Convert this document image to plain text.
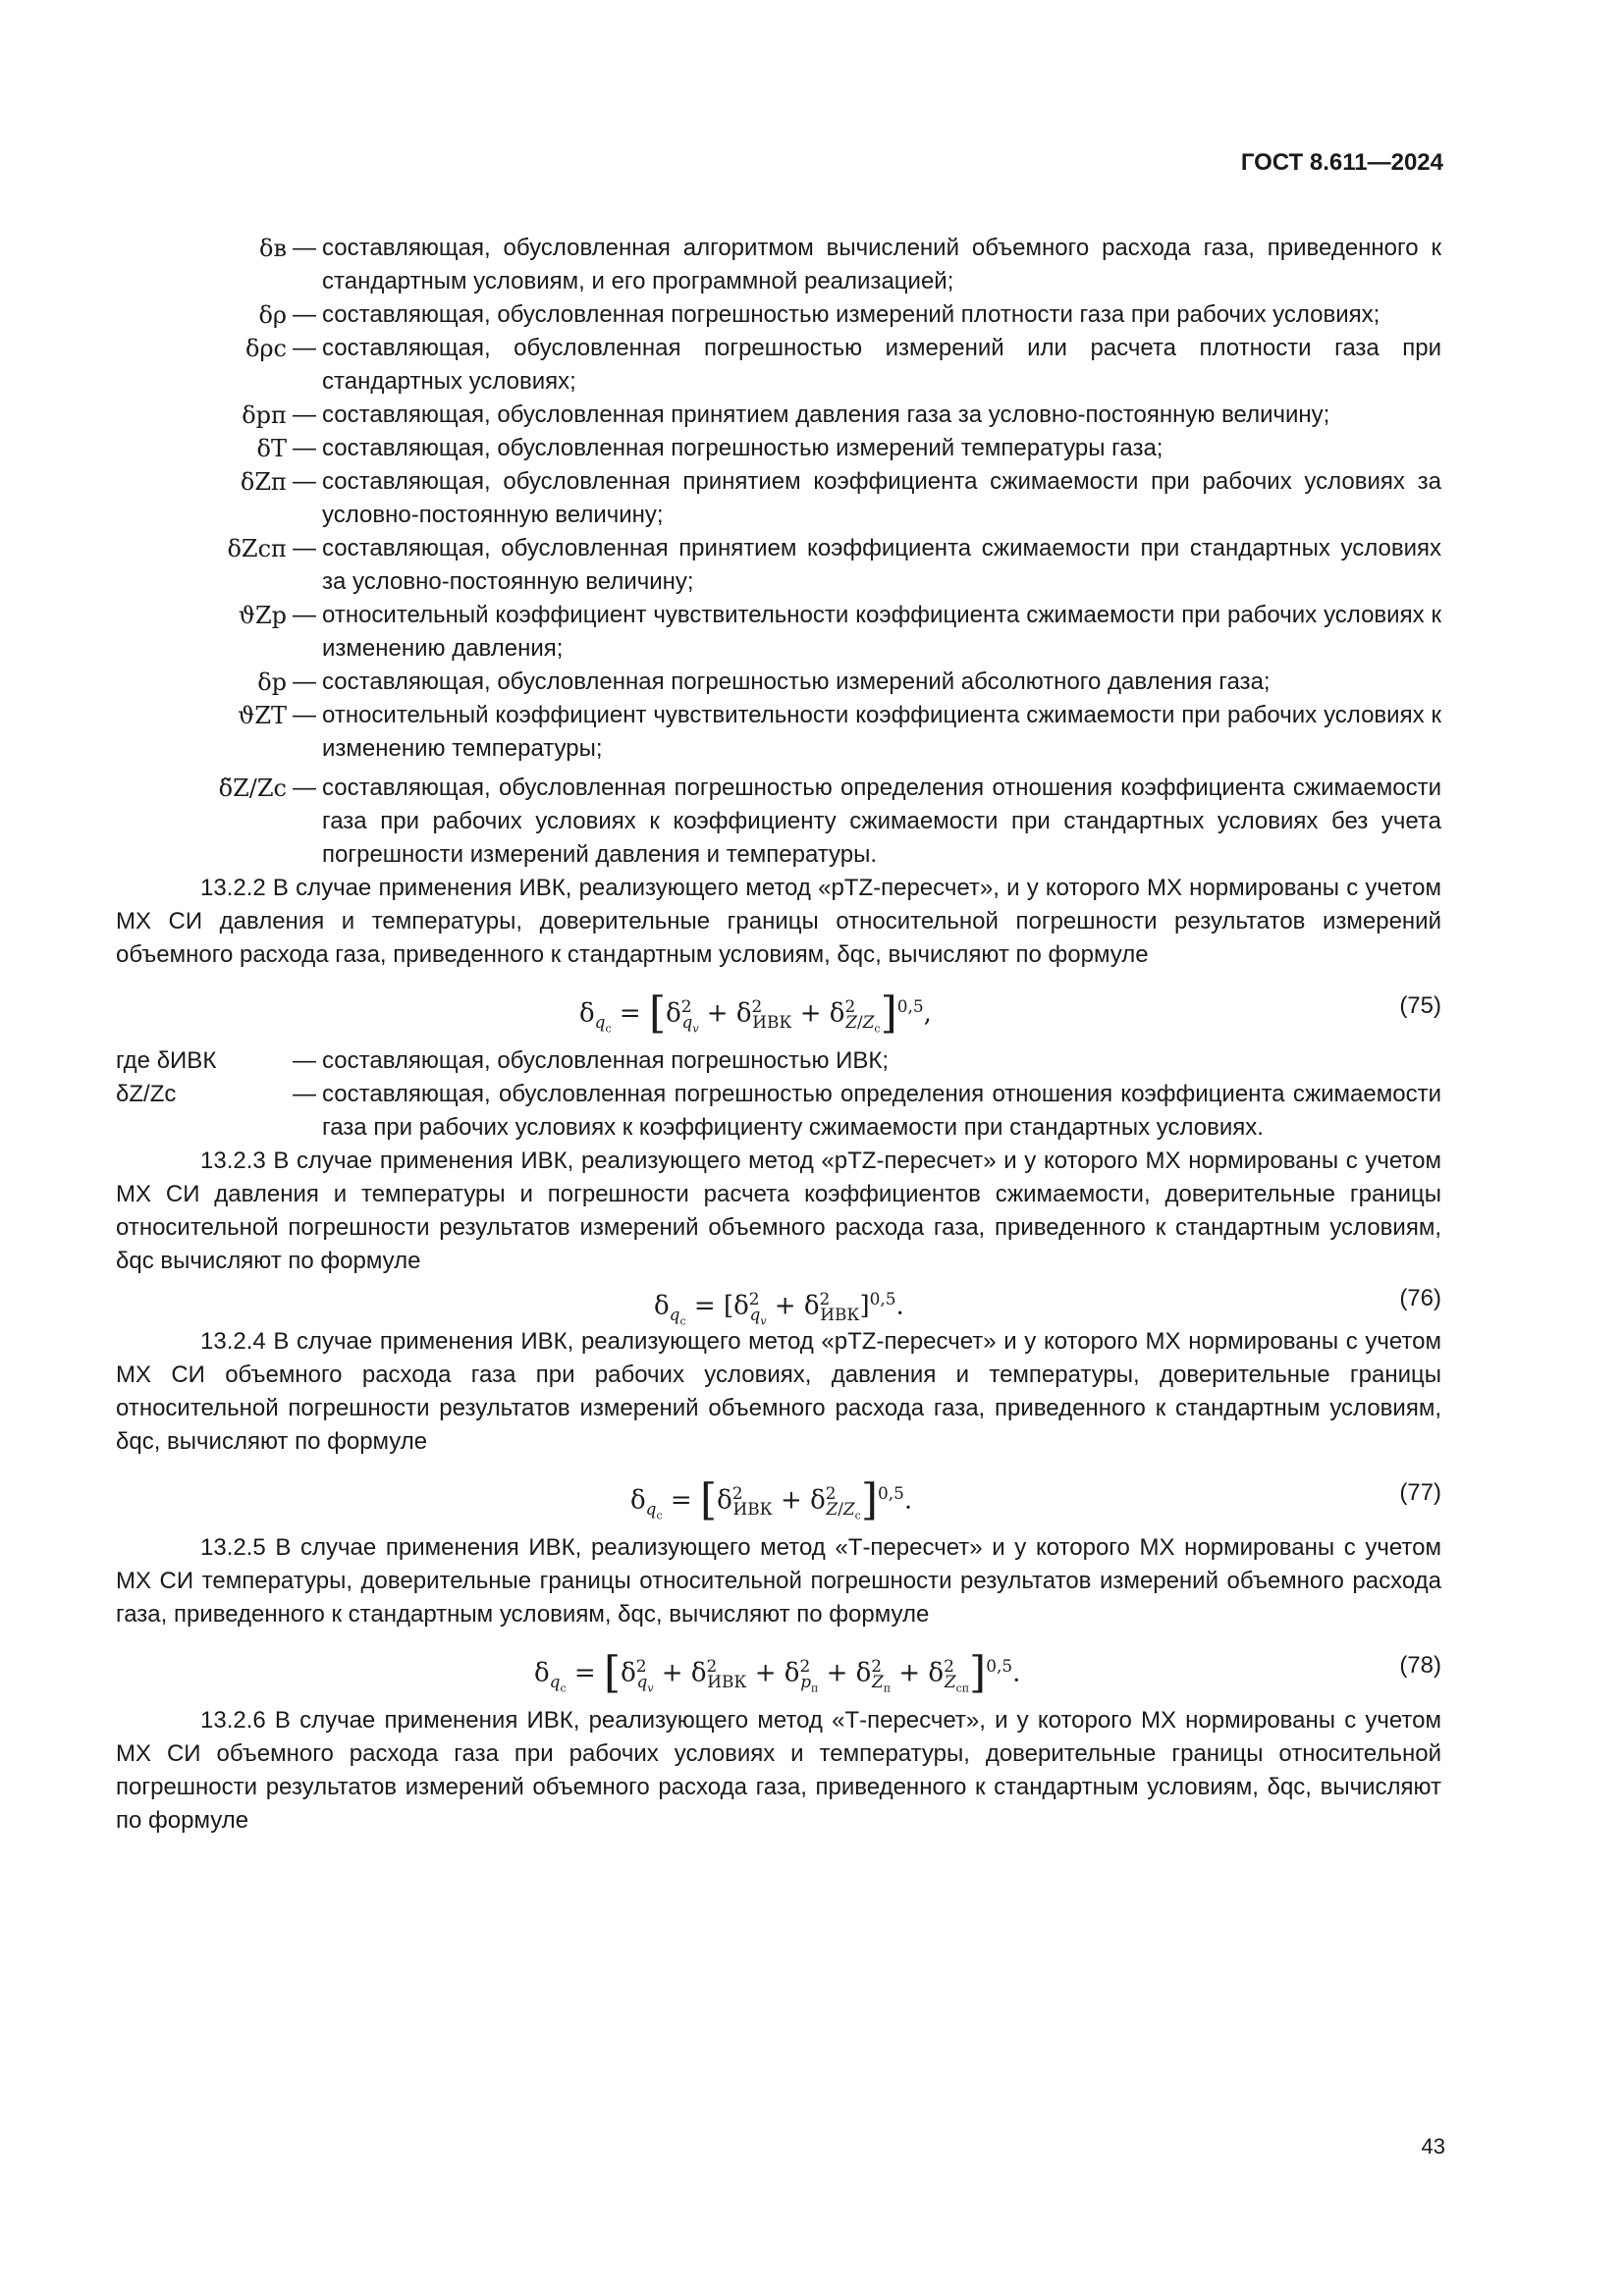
ГОСТ 8.611—2024
δв — составляющая, обусловленная алгоритмом вычислений объемного расхода газа, приведенного к стандартным условиям, и его программной реализацией;
δρ — составляющая, обусловленная погрешностью измерений плотности газа при рабочих условиях;
δρс — составляющая, обусловленная погрешностью измерений или расчета плотности газа при стандартных условиях;
δpп — составляющая, обусловленная принятием давления газа за условно-постоянную величину;
δT — составляющая, обусловленная погрешностью измерений температуры газа;
δZп — составляющая, обусловленная принятием коэффициента сжимаемости при рабочих условиях за условно-постоянную величину;
δZсп — составляющая, обусловленная принятием коэффициента сжимаемости при стандартных условиях за условно-постоянную величину;
ϑZp — относительный коэффициент чувствительности коэффициента сжимаемости при рабочих условиях к изменению давления;
δp — составляющая, обусловленная погрешностью измерений абсолютного давления газа;
ϑZT — относительный коэффициент чувствительности коэффициента сжимаемости при рабочих условиях к изменению температуры;
δ̃Z/Zс — составляющая, обусловленная погрешностью определения отношения коэффициента сжимаемости газа при рабочих условиях к коэффициенту сжимаемости при стандартных условиях без учета погрешности измерений давления и температуры.

13.2.2 В случае применения ИВК, реализующего метод «pTZ-пересчет», и у которого МХ нормированы с учетом МХ СИ давления и температуры, доверительные границы относительной погрешности результатов измерений объемного расхода газа, приведенного к стандартным условиям, δqc, вычисляют по формуле

$\delta_{q_с} = [\delta^2_{q_v} + \delta^2_{ИВК} + \delta^2_{Z/Z_с}]^{0,5}$,	(75)
где δИВК	— составляющая, обусловленная погрешностью ИВК;
δZ/Zс	— составляющая, обусловленная погрешностью определения отношения коэффициента сжимаемости газа при рабочих условиях к коэффициенту сжимаемости при стандартных условиях.

13.2.3 В случае применения ИВК, реализующего метод «pTZ-пересчет» и у которого МХ нормированы с учетом МХ СИ давления и температуры и погрешности расчета коэффициентов сжимаемости, доверительные границы относительной погрешности результатов измерений объемного расхода газа, приведенного к стандартным условиям, δqc вычисляют по формуле

$\delta_{q_с} = [\delta^2_{q_v} + \delta^2_{ИВК}]^{0,5}$.	(76)

13.2.4 В случае применения ИВК, реализующего метод «pTZ-пересчет» и у которого МХ нормированы с учетом МХ СИ объемного расхода газа при рабочих условиях, давления и температуры, доверительные границы относительной погрешности результатов измерений объемного расхода газа, приведенного к стандартным условиям, δqc, вычисляют по формуле

$\delta_{q_с} = [\delta^2_{ИВК} + \delta^2_{Z/Z_с}]^{0,5}$.	(77)

13.2.5 В случае применения ИВК, реализующего метод «Т-пересчет» и у которого МХ нормированы с учетом МХ СИ температуры, доверительные границы относительной погрешности результатов измерений объемного расхода газа, приведенного к стандартным условиям, δqc, вычисляют по формуле

$\delta_{q_с} = [\delta^2_{q_v} + \delta^2_{ИВК} + \delta^2_{p_п} + \delta^2_{Z_п} + \delta^2_{Z_{сп}}]^{0,5}$.	(78)

13.2.6 В случае применения ИВК, реализующего метод «Т-пересчет», и у которого МХ нормированы с учетом МХ СИ объемного расхода газа при рабочих условиях и температуры, доверительные границы относительной погрешности результатов измерений объемного расхода газа, приведенного к стандартным условиям, δqc, вычисляют по формуле

43
